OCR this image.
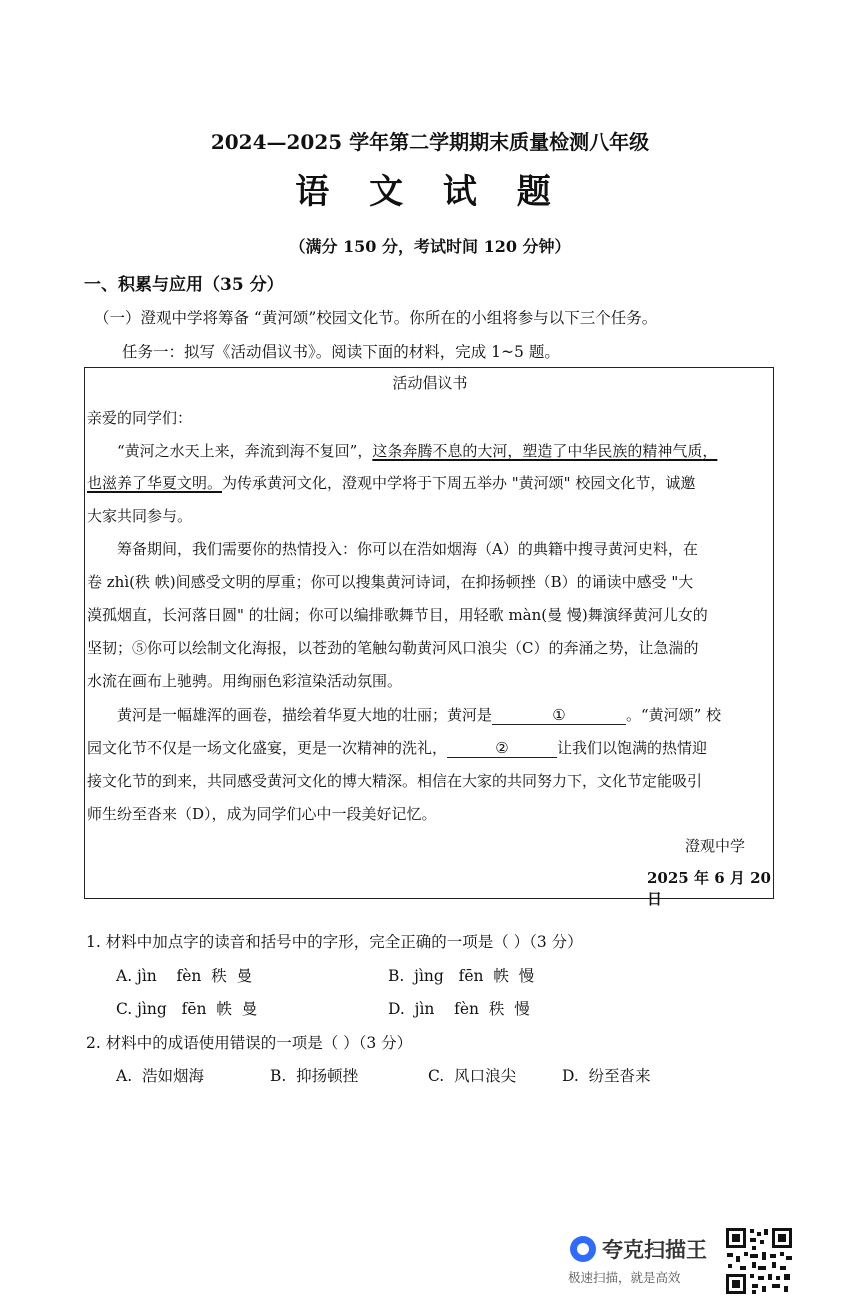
2024—2025 学年第二学期期末质量检测八年级
语 文 试 题
（满分 150 分，考试时间 120 分钟）
一、积累与应用（35 分）
（一）澄观中学将筹备 “黄河颂”校园文化节。你所在的小组将参与以下三个任务。
任务一：拟写《活动倡议书》。阅读下面的材料，完成 1~5 题。
活动倡议书
亲爱的同学们：
“黄河之水天上来，奔流到海不复回”，这条奔腾不息的大河，塑造了中华民族的精神气质，
也滋养了华夏文明。为传承黄河文化，澄观中学将于下周五举办 "黄河颂" 校园文化节，诚邀
大家共同参与。
筹备期间，我们需要你的热情投入：你可以在浩如烟海（A）的典籍中搜寻黄河史料，在
卷 zhì(秩 帙)间感受文明的厚重；你可以搜集黄河诗词，在抑扬顿挫（B）的诵读中感受 "大
漠孤烟直，长河落日圆" 的壮阔；你可以编排歌舞节目，用轻歌 màn(曼 慢)舞演绎黄河儿女的
坚韧；⑤你可以绘制文化海报，以苍劲的笔触勾勒黄河风口浪尖（C）的奔涌之势，让急湍的
水流在画布上驰骋。用绚丽色彩渲染活动氛围。
黄河是一幅雄浑的画卷，描绘着华夏大地的壮丽；黄河是	①	。“黄河颂” 校
园文化节不仅是一场文化盛宴，更是一次精神的洗礼，	②	让我们以饱满的热情迎
接文化节的到来，共同感受黄河文化的博大精深。相信在大家的共同努力下，文化节定能吸引
师生纷至沓来（D），成为同学们心中一段美好记忆。
澄观中学
2025 年 6 月 20 日
1. 材料中加点字的读音和括号中的字形，完全正确的一项是（ ）（3 分）
A. jìn    fèn  秩  曼	B.  jìng   fēn  帙  慢
C. jìng   fēn  帙  曼	D.  jìn    fèn  秩  慢
2. 材料中的成语使用错误的一项是（ ）（3 分）
A.  浩如烟海	B.  抑扬顿挫	C.  风口浪尖	D.  纷至沓来
夸克扫描王
极速扫描，就是高效
